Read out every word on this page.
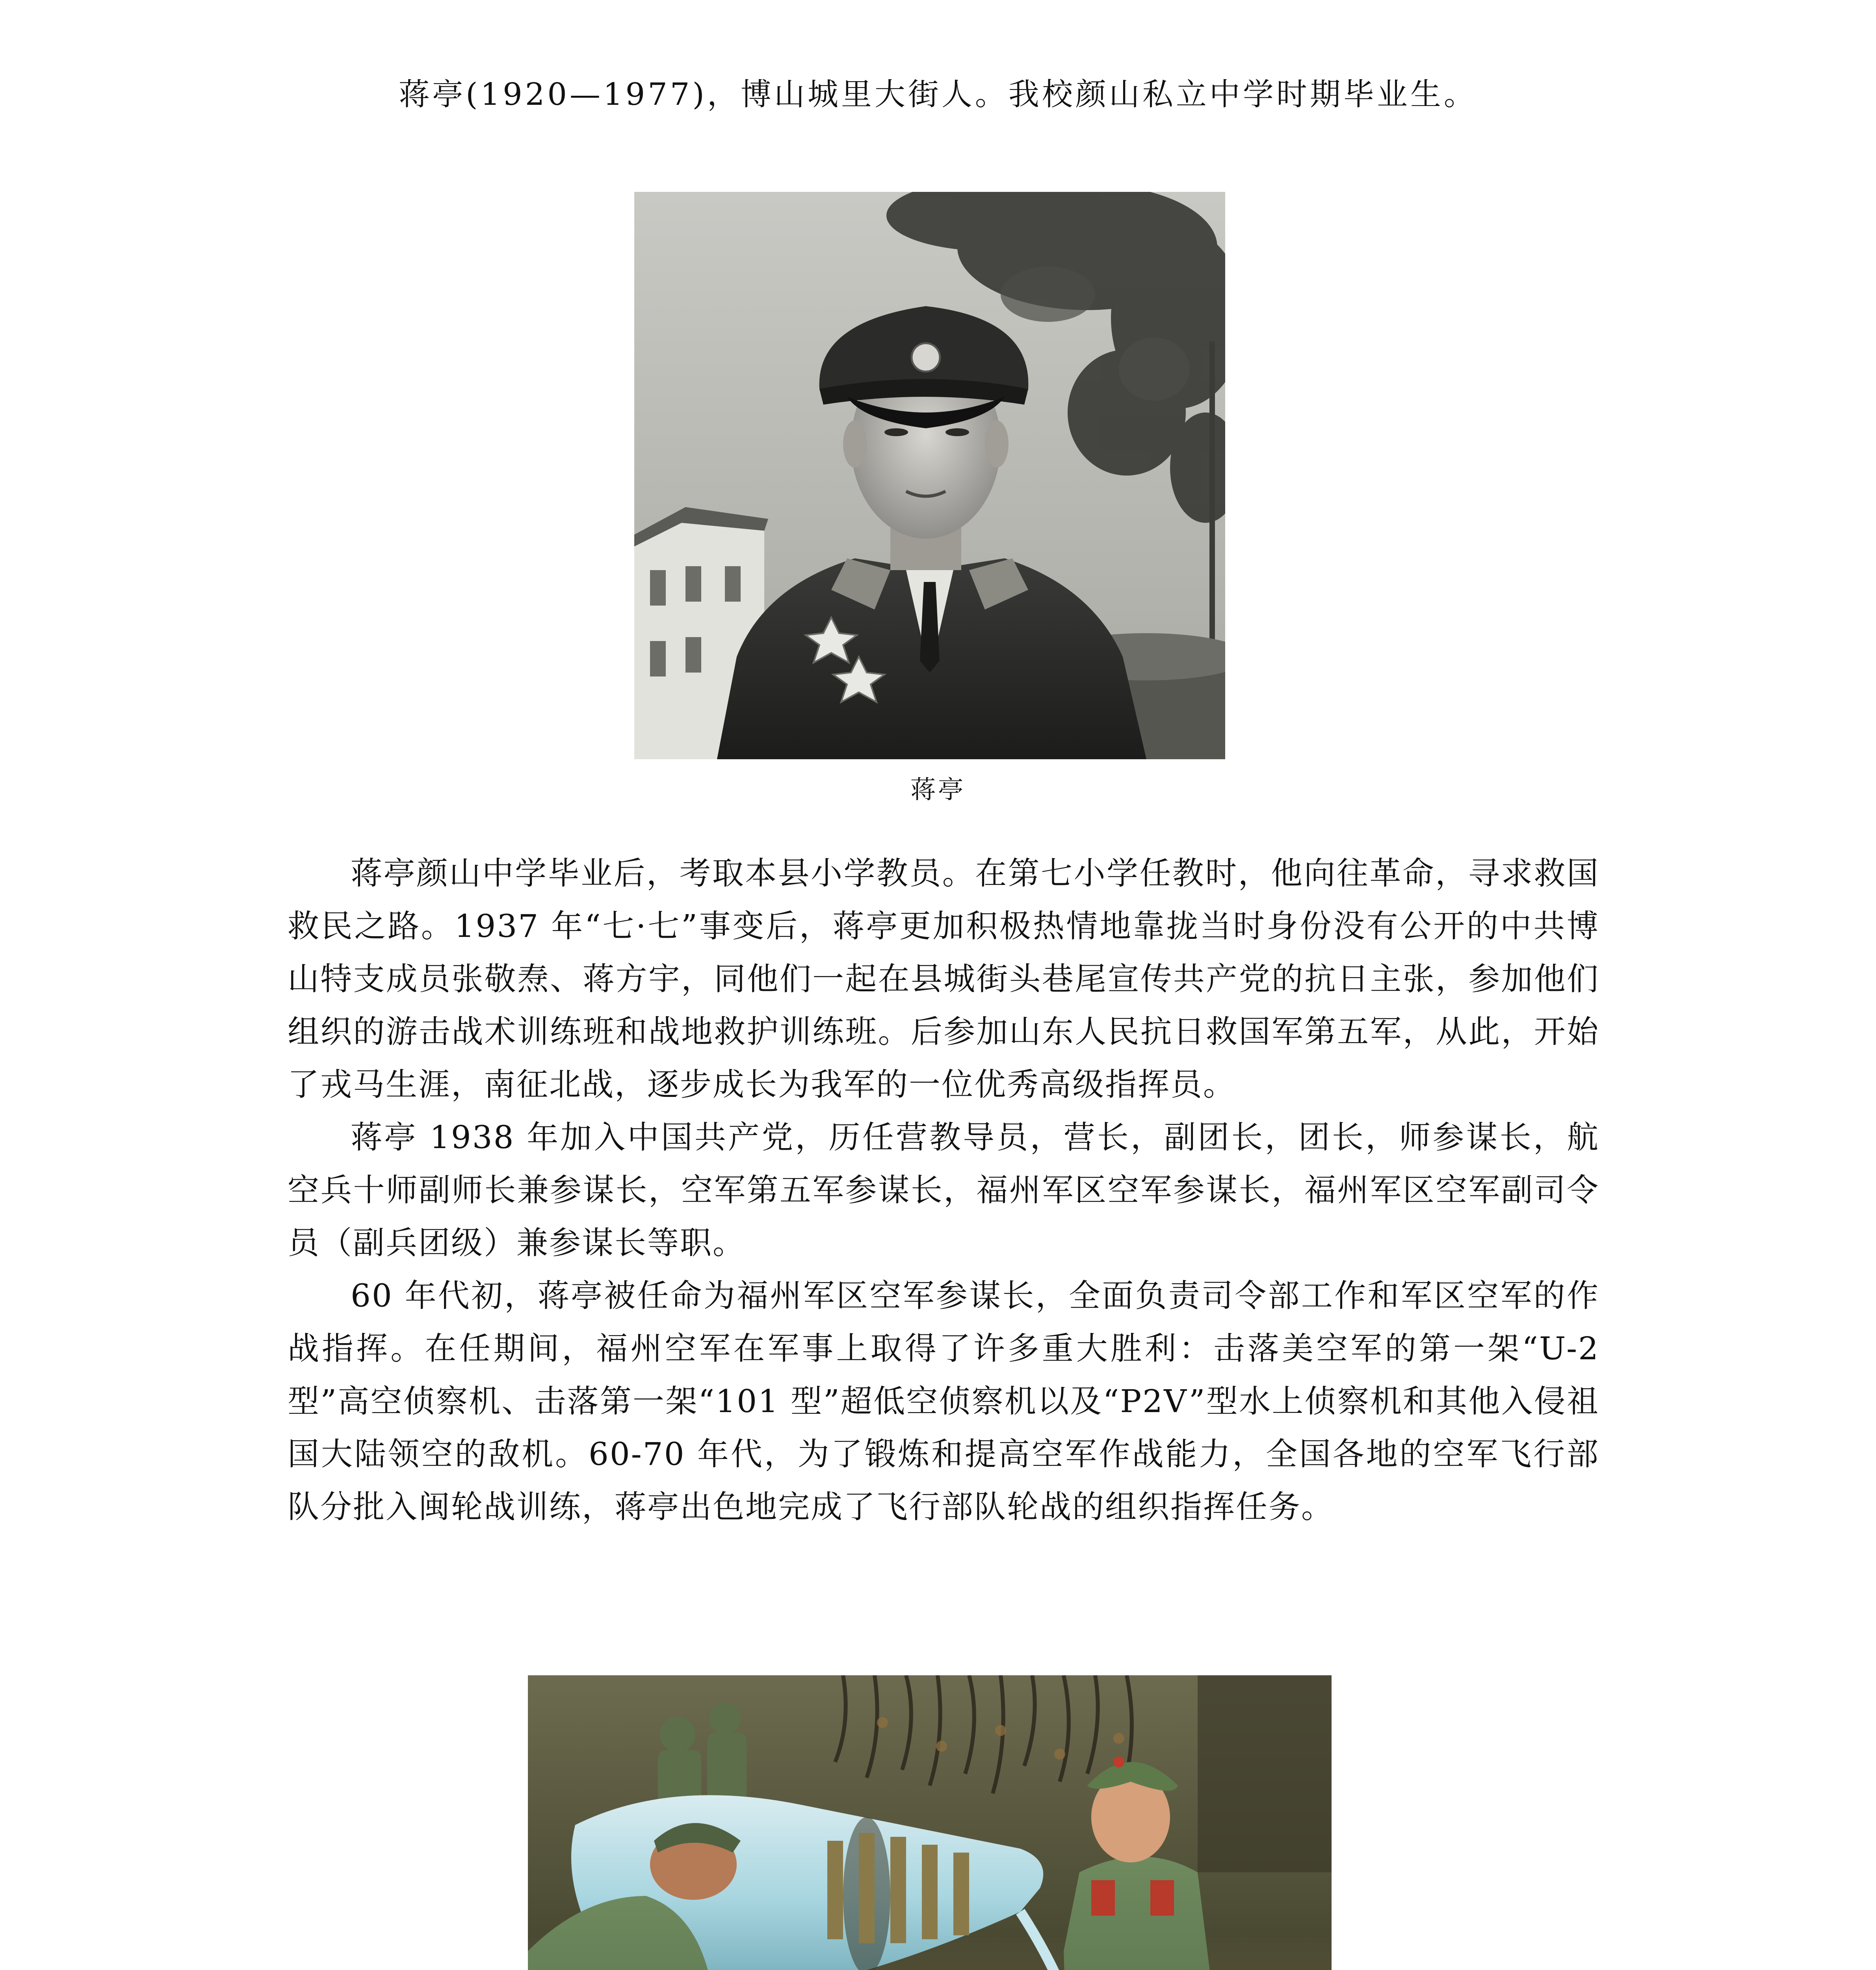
蒋亭(1920—1977)，博山城里大街人。我校颜山私立中学时期毕业生。
蒋亭

蒋亭颜山中学毕业后，考取本县小学教员。在第七小学任教时，他向往革命，寻求救国救民之路。1937 年“七·七”事变后，蒋亭更加积极热情地靠拢当时身份没有公开的中共博山特支成员张敬焘、蒋方宇，同他们一起在县城街头巷尾宣传共产党的抗日主张，参加他们组织的游击战术训练班和战地救护训练班。后参加山东人民抗日救国军第五军，从此，开始了戎马生涯，南征北战，逐步成长为我军的一位优秀高级指挥员。

蒋亭 1938 年加入中国共产党，历任营教导员，营长，副团长，团长，师参谋长，航空兵十师副师长兼参谋长，空军第五军参谋长，福州军区空军参谋长，福州军区空军副司令员（副兵团级）兼参谋长等职。

60 年代初，蒋亭被任命为福州军区空军参谋长，全面负责司令部工作和军区空军的作战指挥。在任期间，福州空军在军事上取得了许多重大胜利：击落美空军的第一架“U-2 型”高空侦察机、击落第一架“101 型”超低空侦察机以及“P2V”型水上侦察机和其他入侵祖国大陆领空的敌机。60-70 年代，为了锻炼和提高空军作战能力，全国各地的空军飞行部队分批入闽轮战训练，蒋亭出色地完成了飞行部队轮战的组织指挥任务。
